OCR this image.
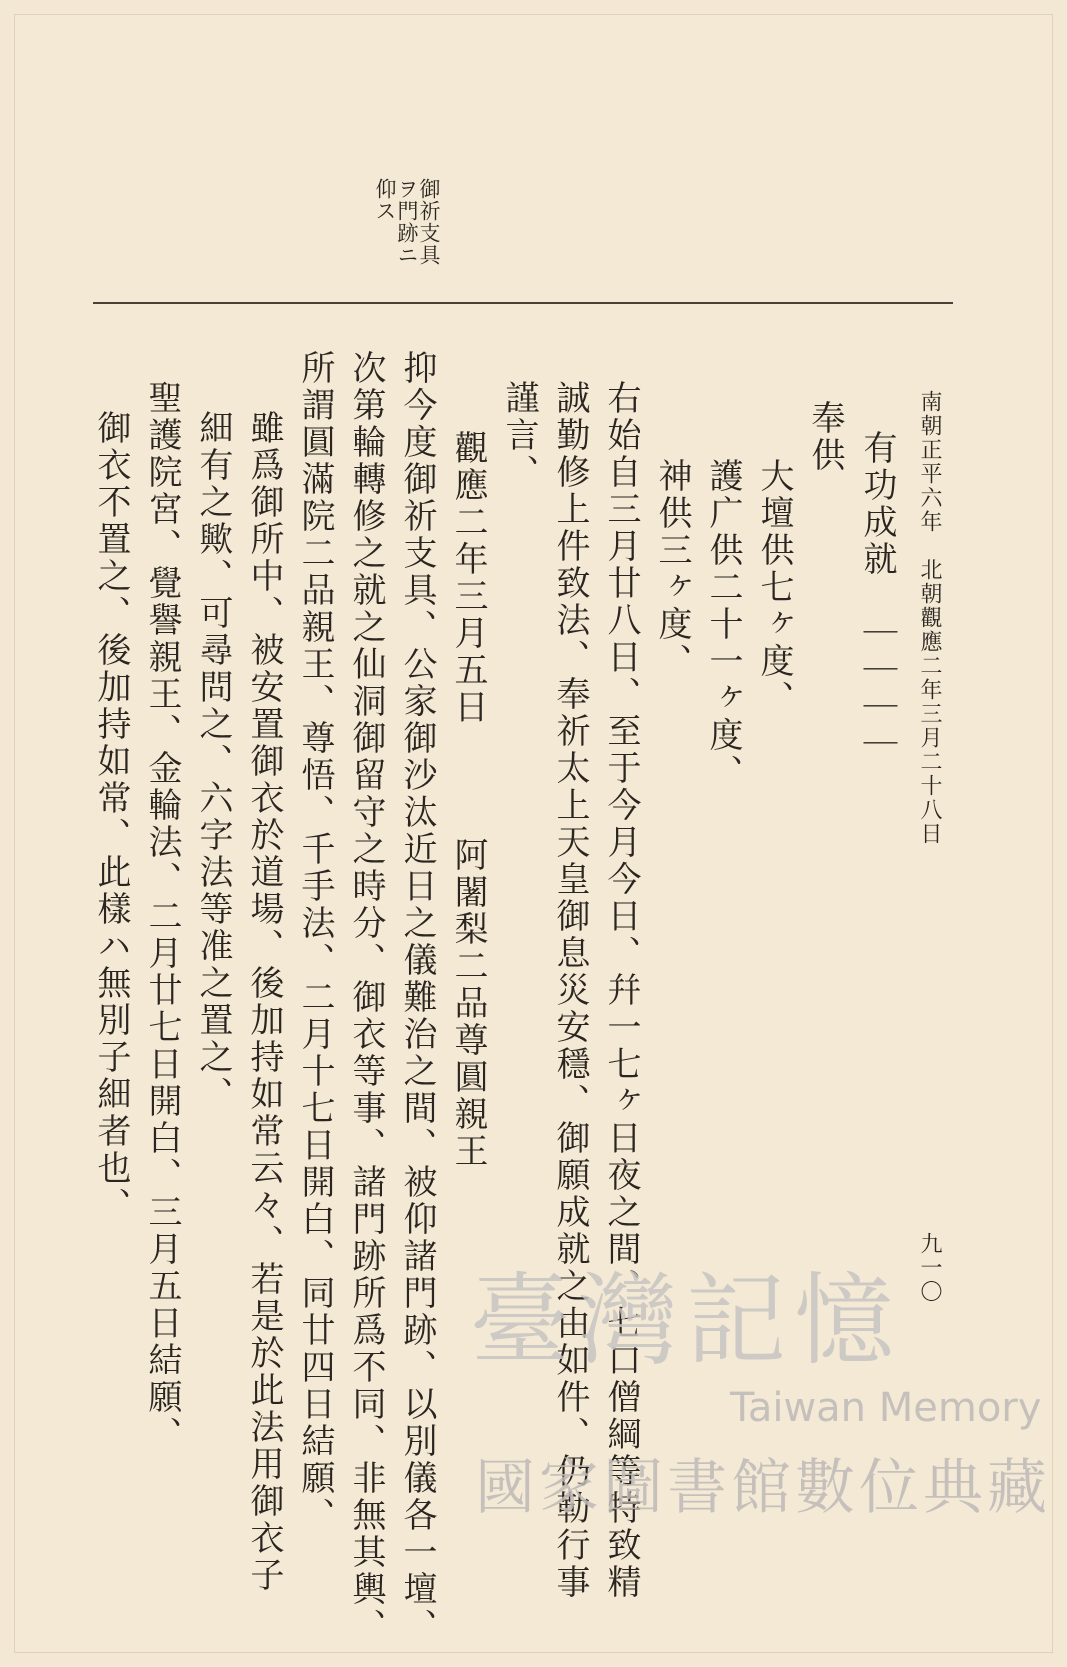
御祈支具
ヲ門跡ニ
仰ス
南朝正平六年　北朝觀應二年三月二十八日
九一〇
有功成就　｜｜｜｜
奉供
大壇供七ヶ度、
護广供二十一ヶ度、
神供三ヶ度、
右始自三月廿八日、至于今月今日、幷一七ヶ日夜之間、七口僧綱等特致精
誠勤修上件致法、奉祈太上天皇御息災安穩、御願成就之由如件、仍勒行事
謹言、
觀應二年三月五日　　　阿闍梨二品尊圓親王
抑今度御祈支具、公家御沙汰近日之儀難治之間、被仰諸門跡、以別儀各一壇、
次第輪轉修之就之仙洞御留守之時分、御衣等事、諸門跡所爲不同、非無其輿、
所謂圓滿院二品親王、尊悟、千手法、二月十七日開白、同廿四日結願、
雖爲御所中、被安置御衣於道場、後加持如常云々、若是於此法用御衣子
細有之歟、可尋問之、六字法等准之置之、
聖護院宮、覺譽親王、金輪法、二月廿七日開白、三月五日結願、
御衣不置之、後加持如常、此樣ハ無別子細者也、
臺灣記憶
Taiwan Memory
國家圖書館數位典藏
